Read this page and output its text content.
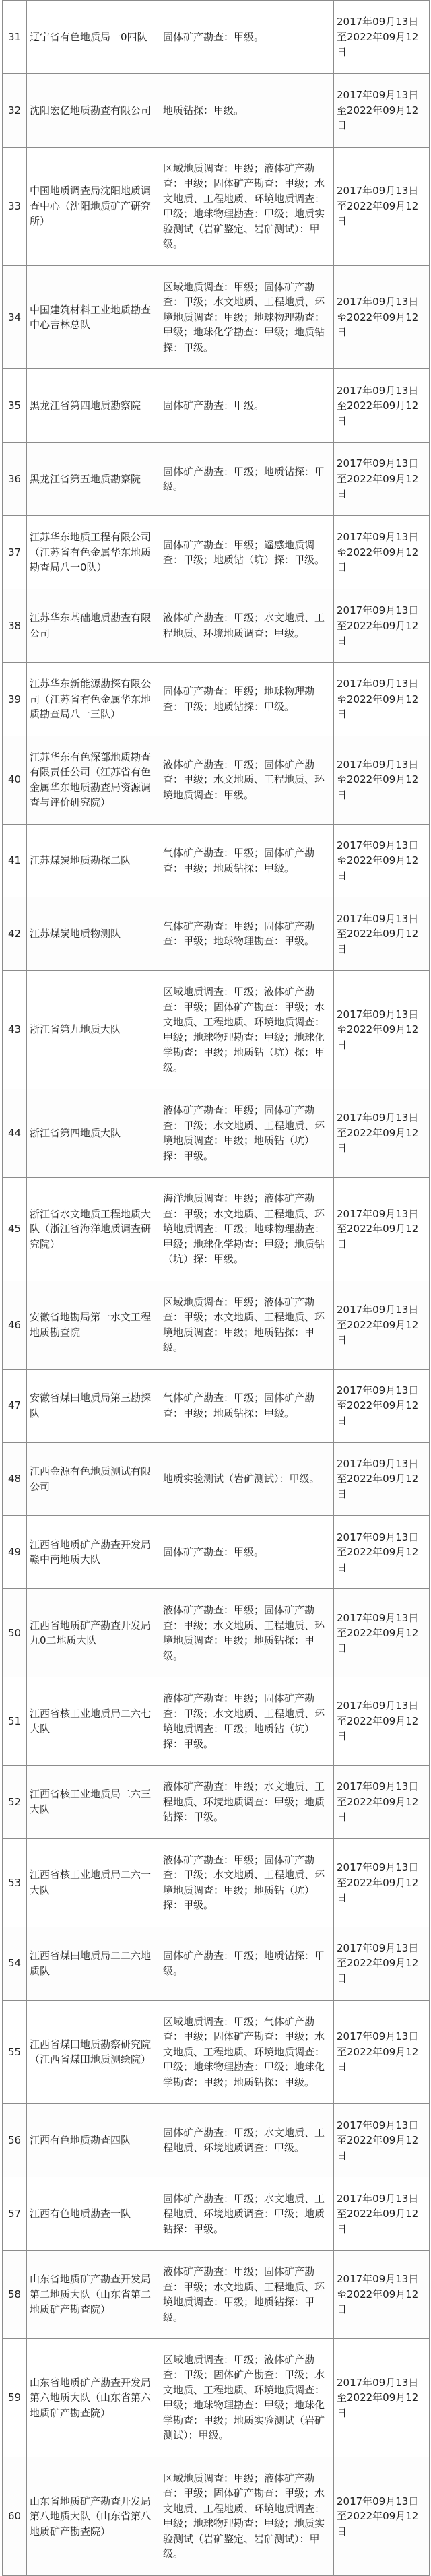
31	辽宁省有色地质局一0四队	固体矿产勘查：甲级。	2017年09月13日至2022年09月12日
32	沈阳宏亿地质勘查有限公司	地质钻探：甲级。	2017年09月13日至2022年09月12日
33	中国地质调查局沈阳地质调查中心（沈阳地质矿产研究所）	区域地质调查：甲级；液体矿产勘查：甲级；固体矿产勘查：甲级；水文地质、工程地质、环境地质调查：甲级；地球物理勘查：甲级；地质实验测试（岩矿鉴定、岩矿测试）：甲级。	2017年09月13日至2022年09月12日
34	中国建筑材料工业地质勘查中心吉林总队	区域地质调查：甲级；固体矿产勘查：甲级；水文地质、工程地质、环境地质调查：甲级；地球物理勘查：甲级；地球化学勘查：甲级；地质钻探：甲级。	2017年09月13日至2022年09月12日
35	黑龙江省第四地质勘察院	固体矿产勘查：甲级。	2017年09月13日至2022年09月12日
36	黑龙江省第五地质勘察院	固体矿产勘查：甲级；地质钻探：甲级。	2017年09月13日至2022年09月12日
37	江苏华东地质工程有限公司（江苏省有色金属华东地质勘查局八一0队）	固体矿产勘查：甲级；遥感地质调查：甲级；地质钻（坑）探：甲级。	2017年09月13日至2022年09月12日
38	江苏华东基础地质勘查有限公司	液体矿产勘查：甲级；水文地质、工程地质、环境地质调查：甲级。	2017年09月13日至2022年09月12日
39	江苏华东新能源勘探有限公司（江苏省有色金属华东地质勘查局八一三队）	固体矿产勘查：甲级；地球物理勘查：甲级；地质钻探：甲级。	2017年09月13日至2022年09月12日
40	江苏华东有色深部地质勘查有限责任公司（江苏省有色金属华东地质勘查局资源调查与评价研究院）	液体矿产勘查：甲级；固体矿产勘查：甲级；水文地质、工程地质、环境地质调查：甲级。	2017年09月13日至2022年09月12日
41	江苏煤炭地质勘探二队	气体矿产勘查：甲级；固体矿产勘查：甲级；地质钻探：甲级。	2017年09月13日至2022年09月12日
42	江苏煤炭地质物测队	气体矿产勘查：甲级；固体矿产勘查：甲级；地球物理勘查：甲级。	2017年09月13日至2022年09月12日
43	浙江省第九地质大队	区域地质调查：甲级；液体矿产勘查：甲级；固体矿产勘查：甲级；水文地质、工程地质、环境地质调查：甲级；地球物理勘查：甲级；地球化学勘查：甲级；地质钻（坑）探：甲级。	2017年09月13日至2022年09月12日
44	浙江省第四地质大队	液体矿产勘查：甲级；固体矿产勘查：甲级；水文地质、工程地质、环境地质调查：甲级；地质钻（坑）探：甲级。	2017年09月13日至2022年09月12日
45	浙江省水文地质工程地质大队（浙江省海洋地质调查研究院）	海洋地质调查：甲级；液体矿产勘查：甲级；水文地质、工程地质、环境地质调查：甲级；地球物理勘查：甲级；地球化学勘查：甲级；地质钻（坑）探：甲级。	2017年09月13日至2022年09月12日
46	安徽省地勘局第一水文工程地质勘查院	区域地质调查：甲级；液体矿产勘查：甲级；水文地质、工程地质、环境地质调查：甲级；地质钻探：甲级。	2017年09月13日至2022年09月12日
47	安徽省煤田地质局第三勘探队	气体矿产勘查：甲级；固体矿产勘查：甲级；地质钻探：甲级。	2017年09月13日至2022年09月12日
48	江西金源有色地质测试有限公司	地质实验测试（岩矿测试）：甲级。	2017年09月13日至2022年09月12日
49	江西省地质矿产勘查开发局赣中南地质大队	固体矿产勘查：甲级。	2017年09月13日至2022年09月12日
50	江西省地质矿产勘查开发局九0二地质大队	液体矿产勘查：甲级；固体矿产勘查：甲级；水文地质、工程地质、环境地质调查：甲级；地质钻探：甲级。	2017年09月13日至2022年09月12日
51	江西省核工业地质局二六七大队	液体矿产勘查：甲级；固体矿产勘查：甲级；水文地质、工程地质、环境地质调查：甲级；地质钻（坑）探：甲级。	2017年09月13日至2022年09月12日
52	江西省核工业地质局二六三大队	液体矿产勘查：甲级；水文地质、工程地质、环境地质调查：甲级；地质钻探：甲级。	2017年09月13日至2022年09月12日
53	江西省核工业地质局二六一大队	液体矿产勘查：甲级；固体矿产勘查：甲级；水文地质、工程地质、环境地质调查：甲级；地质钻（坑）探：甲级。	2017年09月13日至2022年09月12日
54	江西省煤田地质局二二六地质队	固体矿产勘查：甲级；地质钻探：甲级。	2017年09月13日至2022年09月12日
55	江西省煤田地质勘察研究院（江西省煤田地质测绘院）	区域地质调查：甲级；气体矿产勘查：甲级；固体矿产勘查：甲级；水文地质、工程地质、环境地质调查：甲级；地球物理勘查：甲级；地球化学勘查：甲级；地质钻探：甲级。	2017年09月13日至2022年09月12日
56	江西有色地质勘查四队	固体矿产勘查：甲级；水文地质、工程地质、环境地质调查：甲级。	2017年09月13日至2022年09月12日
57	江西有色地质勘查一队	固体矿产勘查：甲级；水文地质、工程地质、环境地质调查：甲级；地质钻探：甲级。	2017年09月13日至2022年09月12日
58	山东省地质矿产勘查开发局第二地质大队（山东省第二地质矿产勘查院）	液体矿产勘查：甲级；固体矿产勘查：甲级；水文地质、工程地质、环境地质调查：甲级；地质钻探：甲级。	2017年09月13日至2022年09月12日
59	山东省地质矿产勘查开发局第六地质大队（山东省第六地质矿产勘查院）	区域地质调查：甲级；液体矿产勘查：甲级；固体矿产勘查：甲级；水文地质、工程地质、环境地质调查：甲级；地球物理勘查：甲级；地球化学勘查：甲级；地质实验测试（岩矿测试）：甲级。	2017年09月13日至2022年09月12日
60	山东省地质矿产勘查开发局第八地质大队（山东省第八地质矿产勘查院）	区域地质调查：甲级；液体矿产勘查：甲级；固体矿产勘查：甲级；水文地质、工程地质、环境地质调查：甲级；地球物理勘查：甲级；地质实验测试（岩矿鉴定、岩矿测试）：甲级。	2017年09月13日至2022年09月12日
